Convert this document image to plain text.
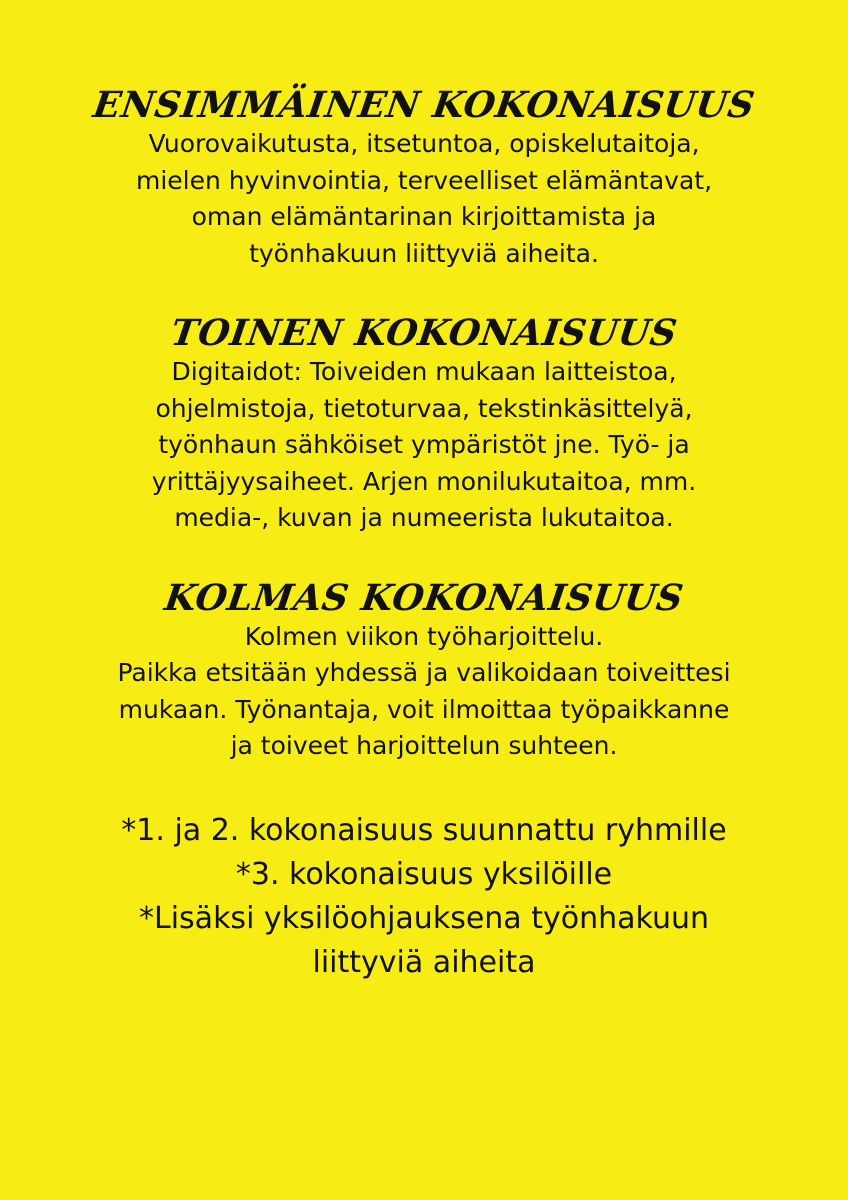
ENSIMMÄINEN KOKONAISUUS
Vuorovaikutusta, itsetuntoa, opiskelutaitoja,
mielen hyvinvointia, terveelliset elämäntavat,
oman elämäntarinan kirjoittamista ja
työnhakuun liittyviä aiheita.
TOINEN KOKONAISUUS
Digitaidot: Toiveiden mukaan laitteistoa,
ohjelmistoja, tietoturvaa, tekstinkäsittelyä,
työnhaun sähköiset ympäristöt jne. Työ- ja
yrittäjyysaiheet. Arjen monilukutaitoa, mm.
media-, kuvan ja numeerista lukutaitoa.
KOLMAS KOKONAISUUS
Kolmen viikon työharjoittelu.
Paikka etsitään yhdessä ja valikoidaan toiveittesi
mukaan. Työnantaja, voit ilmoittaa työpaikkanne
ja toiveet harjoittelun suhteen.
*1. ja 2. kokonaisuus suunnattu ryhmille
*3. kokonaisuus yksilöille
*Lisäksi yksilöohjauksena työnhakuun
liittyviä aiheita
